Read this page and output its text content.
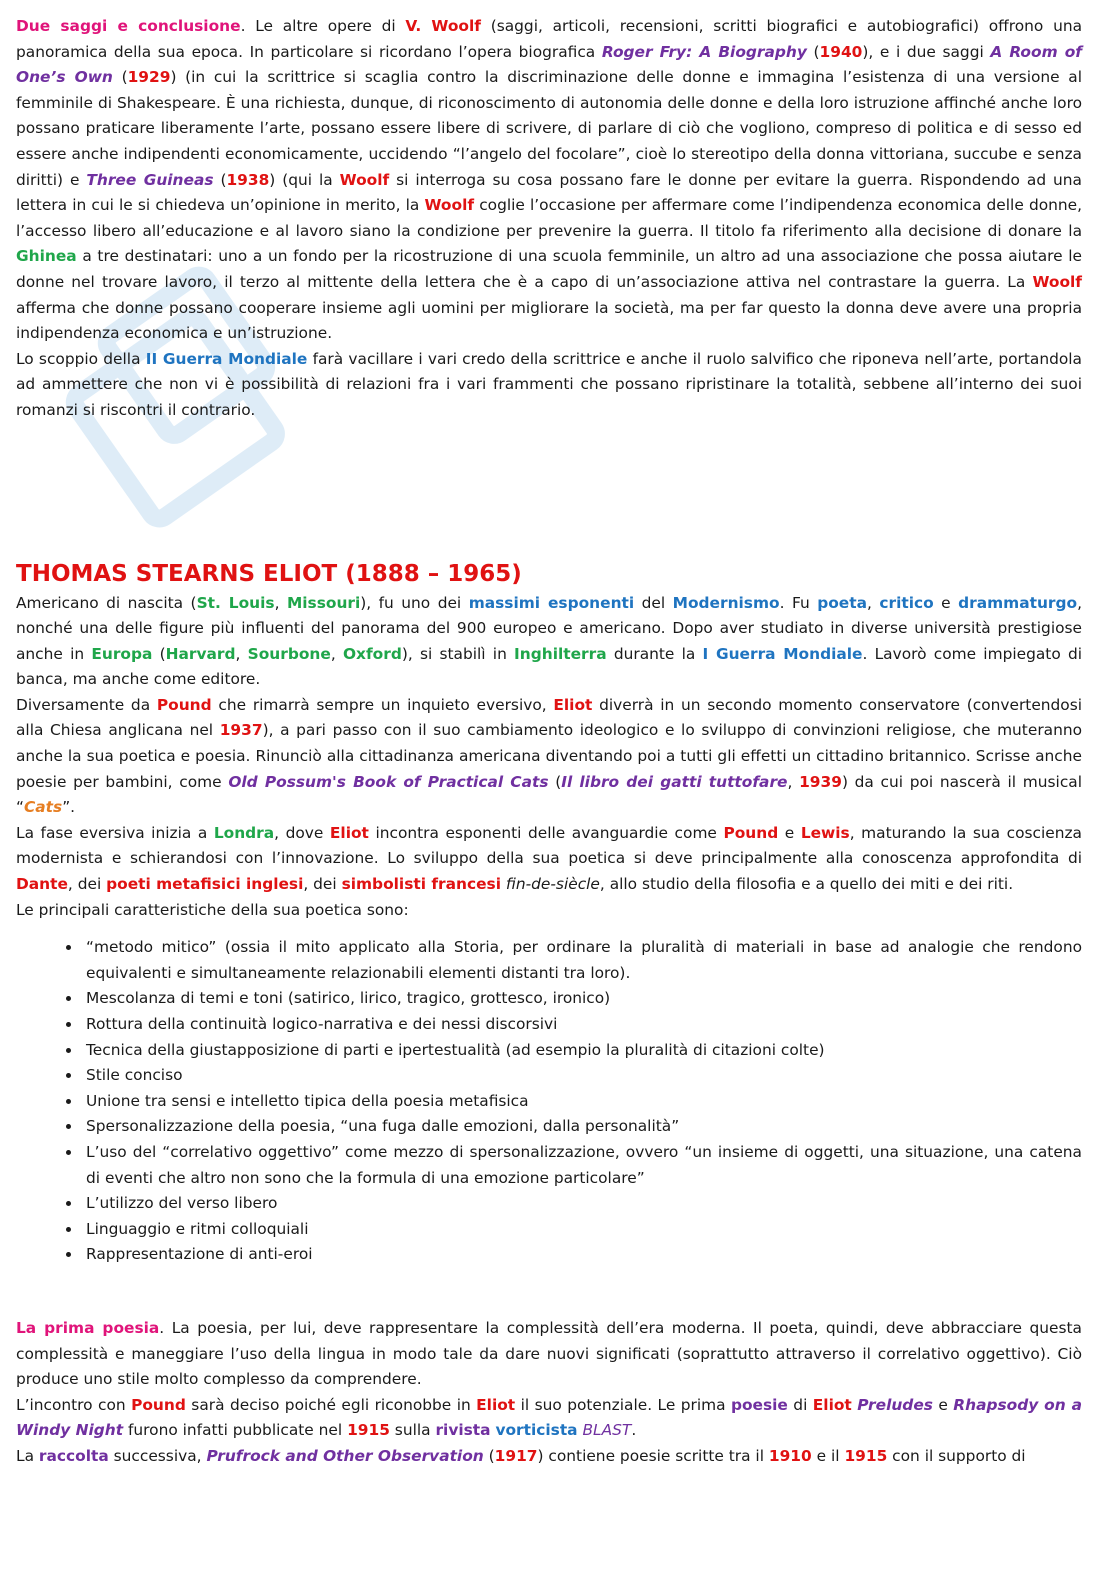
Due saggi e conclusione. Le altre opere di V. Woolf (saggi, articoli, recensioni, scritti biografici e autobiografici) offrono una panoramica della sua epoca. In particolare si ricordano l’opera biografica Roger Fry: A Biography (1940), e i due saggi A Room of One’s Own (1929) (in cui la scrittrice si scaglia contro la discriminazione delle donne e immagina l’esistenza di una versione al femminile di Shakespeare. È una richiesta, dunque, di riconoscimento di autonomia delle donne e della loro istruzione affinché anche loro possano praticare liberamente l’arte, possano essere libere di scrivere, di parlare di ciò che vogliono, compreso di politica e di sesso ed essere anche indipendenti economicamente, uccidendo “l’angelo del focolare”, cioè lo stereotipo della donna vittoriana, succube e senza diritti) e Three Guineas (1938) (qui la Woolf si interroga su cosa possano fare le donne per evitare la guerra. Rispondendo ad una lettera in cui le si chiedeva un’opinione in merito, la Woolf coglie l’occasione per affermare come l’indipendenza economica delle donne, l’accesso libero all’educazione e al lavoro siano la condizione per prevenire la guerra. Il titolo fa riferimento alla decisione di donare la Ghinea a tre destinatari: uno a un fondo per la ricostruzione di una scuola femminile, un altro ad una associazione che possa aiutare le donne nel trovare lavoro, il terzo al mittente della lettera che è a capo di un’associazione attiva nel contrastare la guerra. La Woolf afferma che donne possano cooperare insieme agli uomini per migliorare la società, ma per far questo la donna deve avere una propria indipendenza economica e un’istruzione.

Lo scoppio della II Guerra Mondiale farà vacillare i vari credo della scrittrice e anche il ruolo salvifico che riponeva nell’arte, portandola ad ammettere che non vi è possibilità di relazioni fra i vari frammenti che possano ripristinare la totalità, sebbene all’interno dei suoi romanzi si riscontri il contrario.

THOMAS STEARNS ELIOT (1888 – 1965)

Americano di nascita (St. Louis, Missouri), fu uno dei massimi esponenti del Modernismo. Fu poeta, critico e drammaturgo, nonché una delle figure più influenti del panorama del 900 europeo e americano. Dopo aver studiato in diverse università prestigiose anche in Europa (Harvard, Sourbone, Oxford), si stabilì in Inghilterra durante la I Guerra Mondiale. Lavorò come impiegato di banca, ma anche come editore.

Diversamente da Pound che rimarrà sempre un inquieto eversivo, Eliot diverrà in un secondo momento conservatore (convertendosi alla Chiesa anglicana nel 1937), a pari passo con il suo cambiamento ideologico e lo sviluppo di convinzioni religiose, che muteranno anche la sua poetica e poesia. Rinunciò alla cittadinanza americana diventando poi a tutti gli effetti un cittadino britannico. Scrisse anche poesie per bambini, come Old Possum's Book of Practical Cats (Il libro dei gatti tuttofare, 1939) da cui poi nascerà il musical “Cats”.

La fase eversiva inizia a Londra, dove Eliot incontra esponenti delle avanguardie come Pound e Lewis, maturando la sua coscienza modernista e schierandosi con l’innovazione. Lo sviluppo della sua poetica si deve principalmente alla conoscenza approfondita di Dante, dei poeti metafisici inglesi, dei simbolisti francesi fin-de-siècle, allo studio della filosofia e a quello dei miti e dei riti.

Le principali caratteristiche della sua poetica sono:

• “metodo mitico” (ossia il mito applicato alla Storia, per ordinare la pluralità di materiali in base ad analogie che rendono equivalenti e simultaneamente relazionabili elementi distanti tra loro).
• Mescolanza di temi e toni (satirico, lirico, tragico, grottesco, ironico)
• Rottura della continuità logico-narrativa e dei nessi discorsivi
• Tecnica della giustapposizione di parti e ipertestualità (ad esempio la pluralità di citazioni colte)
• Stile conciso
• Unione tra sensi e intelletto tipica della poesia metafisica
• Spersonalizzazione della poesia, “una fuga dalle emozioni, dalla personalità”
• L’uso del “correlativo oggettivo” come mezzo di spersonalizzazione, ovvero “un insieme di oggetti, una situazione, una catena di eventi che altro non sono che la formula di una emozione particolare”
• L’utilizzo del verso libero
• Linguaggio e ritmi colloquiali
• Rappresentazione di anti-eroi

La prima poesia. La poesia, per lui, deve rappresentare la complessità dell’era moderna. Il poeta, quindi, deve abbracciare questa complessità e maneggiare l’uso della lingua in modo tale da dare nuovi significati (soprattutto attraverso il correlativo oggettivo). Ciò produce uno stile molto complesso da comprendere.

L’incontro con Pound sarà deciso poiché egli riconobbe in Eliot il suo potenziale. Le prima poesie di Eliot Preludes e Rhapsody on a Windy Night furono infatti pubblicate nel 1915 sulla rivista vorticista BLAST.

La raccolta successiva, Prufrock and Other Observation (1917) contiene poesie scritte tra il 1910 e il 1915 con il supporto di
